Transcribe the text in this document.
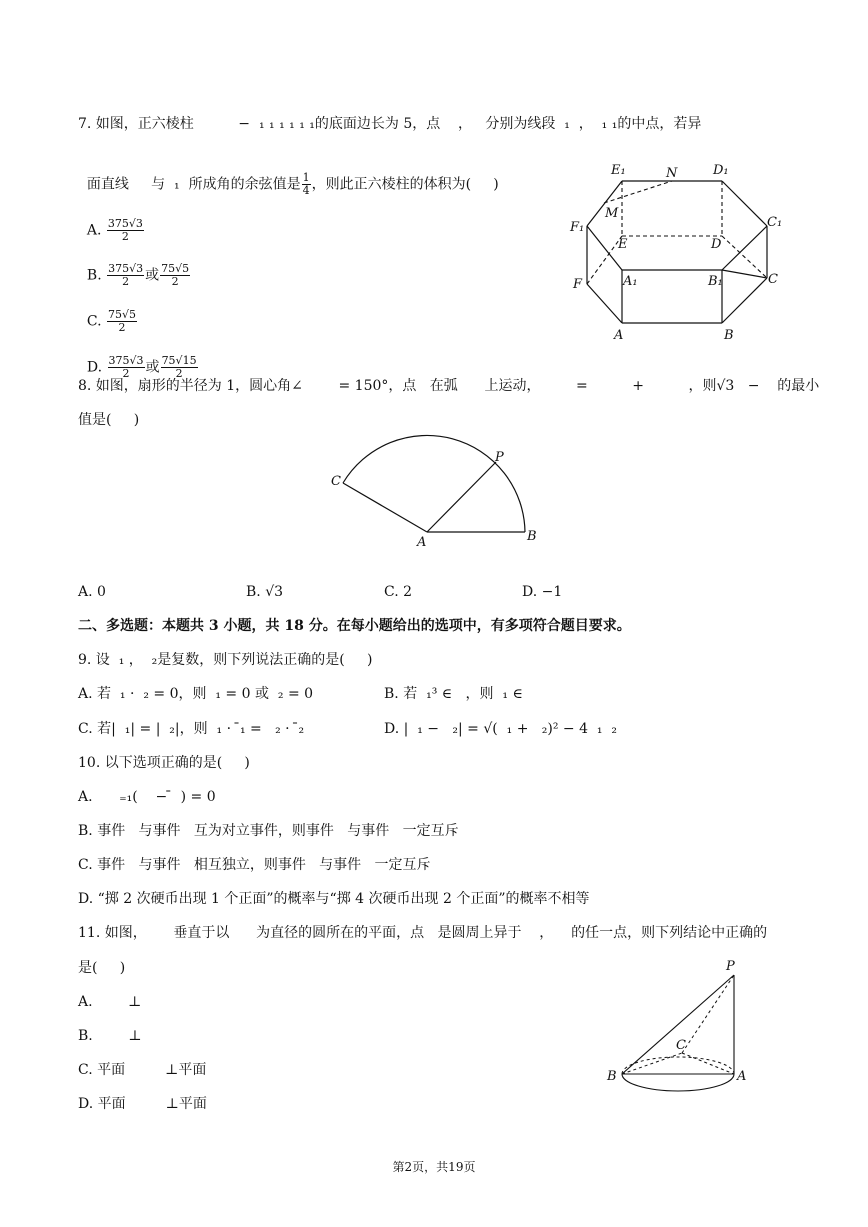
7. 如图，正六棱柱          −  ₁ ₁ ₁ ₁ ₁ ₁的底面边长为 5，点    ，   分别为线段  ₁  ，  ₁ ₁的中点，若异

面直线     与  ₁  所成角的余弦值是 $\frac{1}{4}$ ，则此正六棱柱的体积为(     )

A. $\frac{375√3}{2}$

B. $\frac{375√3}{2}$ 或 $\frac{75√5}{2}$

C. $\frac{75√5}{2}$

D. $\frac{375√3}{2}$ 或 $\frac{75√15}{2}$

E₁	N	D₁
M
C₁
F₁
E	D
A₁	B₁	C
F
A	B
8. 如图，扇形的半径为 1，圆心角∠        = 150°，点   在弧      上运动，        =          +          ，则√3   −    的最小
值是(     )
C
P
A	B
A. 0	B. √3	C. 2	D. −1
二、多选题：本题共 3 小题，共 18 分。在每小题给出的选项中，有多项符合题目要求。
9. 设  ₁ ，  ₂是复数，则下列说法正确的是(     )
A. 若  ₁ ·  ₂ = 0，则  ₁ = 0 或  ₂ = 0	B. 若  ₁³ ∈   ，则  ₁ ∈
C. 若|  ₁| = |  ₂|，则  ₁ ·  ̄₁ =   ₂ ·  ̄₂	D. |  ₁ −   ₂| = √(  ₁ +   ₂)² − 4  ₁  ₂
10. 以下选项正确的是(     )
A.      ₌₁(    − ̄  ) = 0
B. 事件   与事件   互为对立事件，则事件   与事件   一定互斥
C. 事件   与事件   相互独立，则事件   与事件   一定互斥
D. “掷 2 次硬币出现 1 个正面”的概率与“掷 4 次硬币出现 2 个正面”的概率不相等
11. 如图，      垂直于以      为直径的圆所在的平面，点   是圆周上异于    ，    的任一点，则下列结论中正确的
是(     )
A.        ⊥
B.        ⊥
C. 平面         ⊥平面
D. 平面         ⊥平面
P
C
B	A
第2页，共19页
